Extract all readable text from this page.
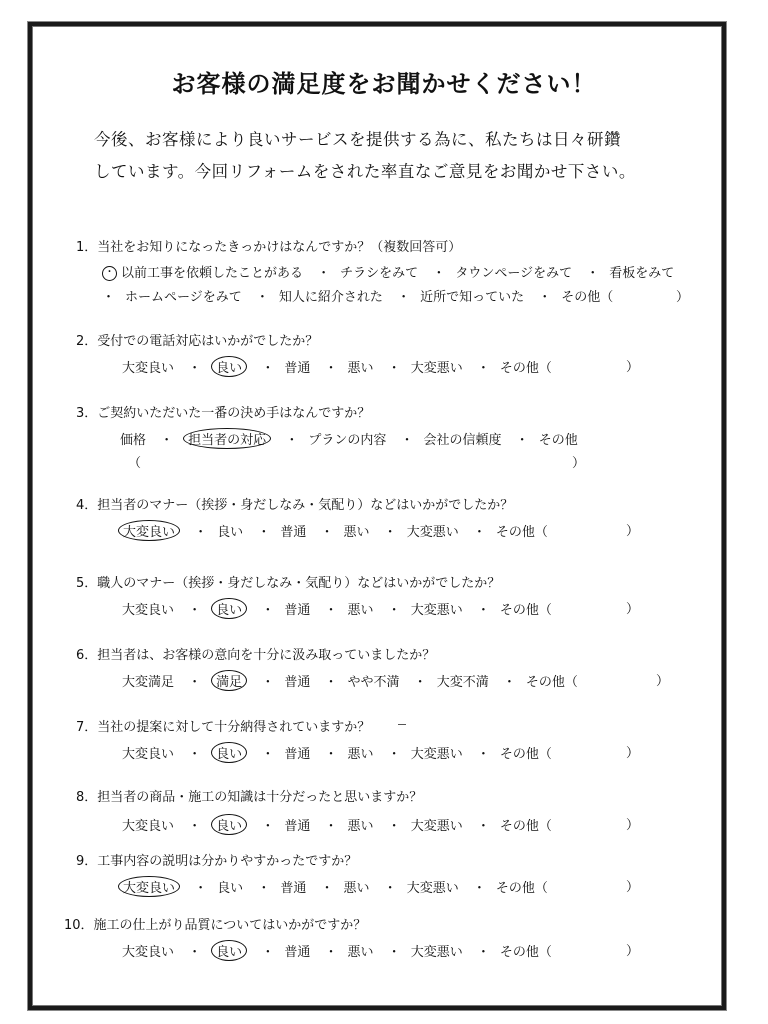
お客様の満足度をお聞かせください！
今後、お客様により良いサービスを提供する為に、私たちは日々研鑽
しています。今回リフォームをされた率直なご意見をお聞かせ下さい。
1．当社をお知りになったきっかけはなんですか？（複数回答可）
・ 以前工事を依頼したことがある ・ チラシをみて ・ タウンページをみて ・ 看板をみて
・ ホームページをみて ・ 知人に紹介された ・ 近所で知っていた ・ その他（	）
2．受付での電話対応はいかがでしたか？
大変良い ・ 良い ・ 普通 ・ 悪い ・ 大変悪い ・ その他（	）
3．ご契約いただいた一番の決め手はなんですか？
価格 ・ 担当者の対応 ・ プランの内容 ・ 会社の信頼度 ・ その他
（	）
4．担当者のマナー（挨拶・身だしなみ・気配り）などはいかがでしたか？
大変良い ・ 良い ・ 普通 ・ 悪い ・ 大変悪い ・ その他（	）
5．職人のマナー（挨拶・身だしなみ・気配り）などはいかがでしたか？
大変良い ・ 良い ・ 普通 ・ 悪い ・ 大変悪い ・ その他（	）
6．担当者は、お客様の意向を十分に汲み取っていましたか？
大変満足 ・ 満足 ・ 普通 ・ やや不満 ・ 大変不満 ・ その他（	）
7．当社の提案に対して十分納得されていますか？
大変良い ・ 良い ・ 普通 ・ 悪い ・ 大変悪い ・ その他（	）
8．担当者の商品・施工の知識は十分だったと思いますか？
大変良い ・ 良い ・ 普通 ・ 悪い ・ 大変悪い ・ その他（	）
9．工事内容の説明は分かりやすかったですか？
大変良い ・ 良い ・ 普通 ・ 悪い ・ 大変悪い ・ その他（	）
10．施工の仕上がり品質についてはいかがですか？
大変良い ・ 良い ・ 普通 ・ 悪い ・ 大変悪い ・ その他（	）
